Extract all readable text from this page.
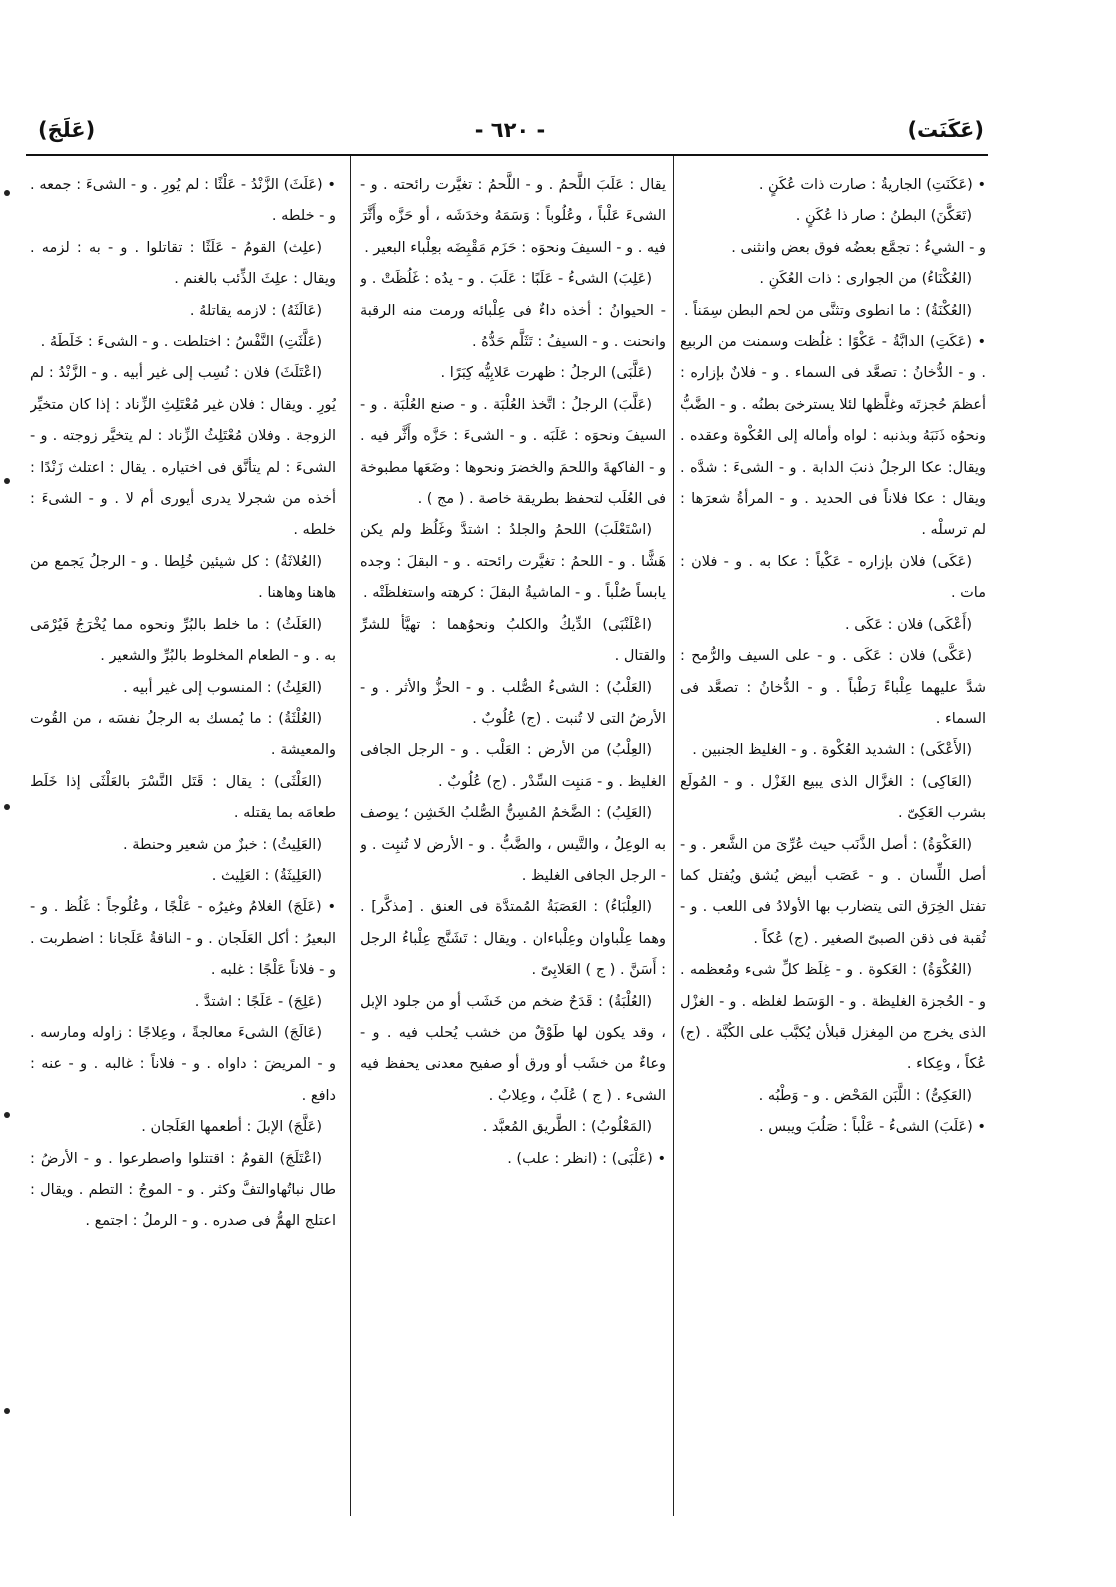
(عَكَنَت)
- ٦٢٠ -
(عَلَجَ)

• (عَكَنَتِ) الجاريةُ : صارت ذات عُكَنٍ .

(تَعَكَّنَ) البطنُ : صار ذا عُكَنٍ .

و - الشيءُ : تجمَّع بعضُه فوق بعض وانثنى .

(العُكْنَاءُ) من الجوارى : ذات العُكَنِ .

(العُكْنَةُ) : ما انطوى وتثنَّى من لحم البطن سِمَناً .

• (عَكَتِ) الدابَّةُ - عَكْوًا : غلُظت وسمنت من الربيع . و - الدُّخانُ : تصعَّد فى السماء . و - فلانٌ بإزاره : أعظمَ حُجزتَه وغلَّظها لئلا يسترخىَ بطنُه . و - الضَّبُّ ونحوُه ذَنَبَهُ وبذنبه : لواه وأماله إلى العُكْوة وعقده . ويقال: عكا الرجلُ ذنبَ الدابة . و - الشىءَ : شدَّه . ويقال : عكا فلاناً فى الحديد . و - المرأةُ شعرَها : لم ترسلْه .

(عَكَى) فلان بإزاره - عَكْياً : عكا به . و - فلان : مات .

(أَعْكَى) فلان : عَكَى .

(عَكَّى) فلان : عَكَى . و - على السيف والرُّمح : شدَّ عليهما عِلْباءً رَطْباً . و - الدُّخانُ : تصعَّد فى السماء .

(الأَعْكَى) : الشديد العُكْوة . و - الغليظ الجنبين .

(العَاكِى) : الغزَّال الذى يبيع الغَزْل . و - المُولَع بشرب العَكِىّ .

(العَكْوَةُ) : أصل الذَّنَب حيث عُرِّىَ من الشَّعر . و - أصل اللِّسان . و - عَصَب أبيض يُشق ويُفتل كما تفتل الخِرَق التى يتضارب بها الأولادُ فى اللعب . و - ثُقبة فى ذقن الصبىّ الصغير . (ج) عُكاً .

(العُكْوَةُ) : العَكوة . و - غِلَظ كلِّ شىء ومُعظمه . و - الحُجزة الغليظة . و - الوَسَط لغلظه . و - الغزْل الذى يخرج من المِغزل قبلأن يُكبَّب على الكُبَّة . (ج) عُكاً ، وعِكاء .

(العَكِىُّ) : اللَّبَن المَحْض . و - وَطْبُه .

• (عَلَبَ) الشىءُ - عَلْباً : صَلُبَ ويبس .

يقال : عَلَبَ اللَّحمُ . و - اللَّحمُ : تغيَّرت رائحته . و - الشىءَ عَلْباً ، وعُلُوباً : وَسَمَهُ وخدَشَه ، أو حَزَّه وأَثَّرَ فيه . و - السيفَ ونحوَه : حَزَم مَقْبِضَه بعِلْباء البعير .

(عَلِبَ) الشىءُ - عَلَبًا : عَلَبَ . و - يدُه : غَلُظَتْ . و - الحيوانُ : أخذه داءٌ فى عِلْبائه ورمت منه الرقبة وانحنت . و - السيفُ : تَثَلَّم حَدُّهُ .

(عَلَّبَى) الرجلُ : ظهرت عَلابِيُّه كِبَرًا .

(عَلَّبَ) الرجلُ : اتَّخذ العُلْبَة . و - صنع العُلْبَة . و - السيفَ ونحوَه : عَلَبَه . و - الشىءَ : حَزَّه وأَثَّر فيه . و - الفاكهةَ واللحمَ والخضرَ ونحوها : وضَعَها مطبوخة فى العُلَب لتحفظ بطريقة خاصة . ( مج ) .

(اسْتَعْلَبَ) اللحمُ والجلدُ : اشتدَّ وغَلُظ ولم يكن هَشًّا . و - اللحمُ : تغيَّرت رائحته . و - البقلَ : وجده يابساً صُلْباً . و - الماشيةُ البقلَ : كرهته واستغلظَتْه .

(اعْلَنْبَى) الدِّيكُ والكلبُ ونحوُهما : تهيَّأ للشرِّ والقتال .

(العَلْبُ) : الشىءُ الصُّلب . و - الحزُّ والأثر . و - الأرضُ التى لا تُنبت . (ج) عُلُوبٌ .

(العِلْبُ) من الأرض : العَلْب . و - الرجل الجافى الغليظ . و - مَنبِت السِّدْر . (ج) عُلُوبٌ .

(العَلِبُ) : الضَّخمُ المُسِنُّ الصُّلبُ الخَشِن ؛ يوصف به الوعِلُ ، والتَّيس ، والضَّبُّ . و - الأرض لا تُنبِت . و - الرجل الجافى الغليظ .

(العِلْبَاءُ) : العَصَبَةُ المُمتدَّة فى العنق . [مذكَّر] . وهما عِلْباوان وعِلْباءان . ويقال : تَشَنَّج عِلْباءُ الرجل : أَسَنَّ . ( ج ) العَلابِىّ .

(العُلْبَةُ) : قَدَحٌ ضخم من خَشَب أو من جلود الإبل ، وقد يكون لها طَوْقٌ من خشب يُحلب فيه . و - وعاءٌ من خشَب أو ورق أو صفيح معدنى يحفظ فيه الشىء . ( ج ) عُلَبٌ ، وعِلابٌ .

(المَعْلُوبُ) : الطَّريق المُعبَّد .

• (عَلْبَى) : (انظر : علب) .

• (عَلَثَ) الزَّنْدُ - عَلْثًا : لم يُورِ . و - الشىءَ : جمعه . و - خلطه .

(علِث) القومُ - عَلَثًا : تقاتلوا . و - به : لزمه . ويقال : علِثَ الذِّئب بالغنم .

(عَالَثَهُ) : لازمه يقاتلهُ .

(عَلَّثَتِ) النَّفْسُ : اختلطت . و - الشىءَ : خَلَطَهُ .

(اعْتَلَثَ) فلان : نُسِب إلى غير أبيه . و - الزَّنْدُ : لم يُورِ . ويقال : فلان غير مُعْتَلِثِ الزِّناد : إذا كان متخيِّر الزوجة . وفلان مُعْتَلِثُ الزِّناد : لم يتخيَّر زوجته . و - الشىءَ : لم يتأنَّق فى اختياره . يقال : اعتلث زَنْدًا : أخذه من شجرلا يدرى أيورى أم لا . و - الشىءَ : خلطه .

(العُلاثَةُ) : كل شيئين خُلِطا . و - الرجلُ يَجمع من هاهنا وهاهنا .

(العَلَثُ) : ما خلط بالبُرِّ ونحوه مما يُخْرَجُ فَيُرْمَى به . و - الطعام المخلوط بالبُرِّ والشعير .

(العَلِثُ) : المنسوب إلى غير أبيه .

(العُلْثَةُ) : ما يُمسك به الرجلُ نفسَه ، من القُوت والمعيشة .

(العَلْثَى) : يقال : قَتَل النَّسْرَ بالعَلْثَى إذا خَلَط طعامَه بما يقتله .

(العَلِيثُ) : خبزٌ من شعير وحنطة .

(العَلِيثَةُ) : العَلِيث .

• (عَلَجَ) الغلامُ وغيرُه - عَلْجًا ، وعُلُوجاً : غَلُظ . و - البعيرُ : أكل العَلَجان . و - الناقةُ عَلَجانا : اضطربت . و - فلاناً عَلْجًا : غلبه .

(عَلِجَ) - عَلَجًا : اشتدَّ .

(عَالَجَ) الشىءَ معالجةً ، وعِلاجًا : زاوله ومارسه . و - المريضَ : داواه . و - فلاناً : غالبه . و - عنه : دافع .

(عَلَّجَ) الإبلَ : أطعمها العَلَجان .

(اعْتَلَجَ) القومُ : اقتتلوا واصطرعوا . و - الأرضُ : طال نباتُهاوالتفَّ وكثر . و - الموجُ : التطم . ويقال : اعتلج الهمُّ فى صدره . و - الرملُ : اجتمع .
